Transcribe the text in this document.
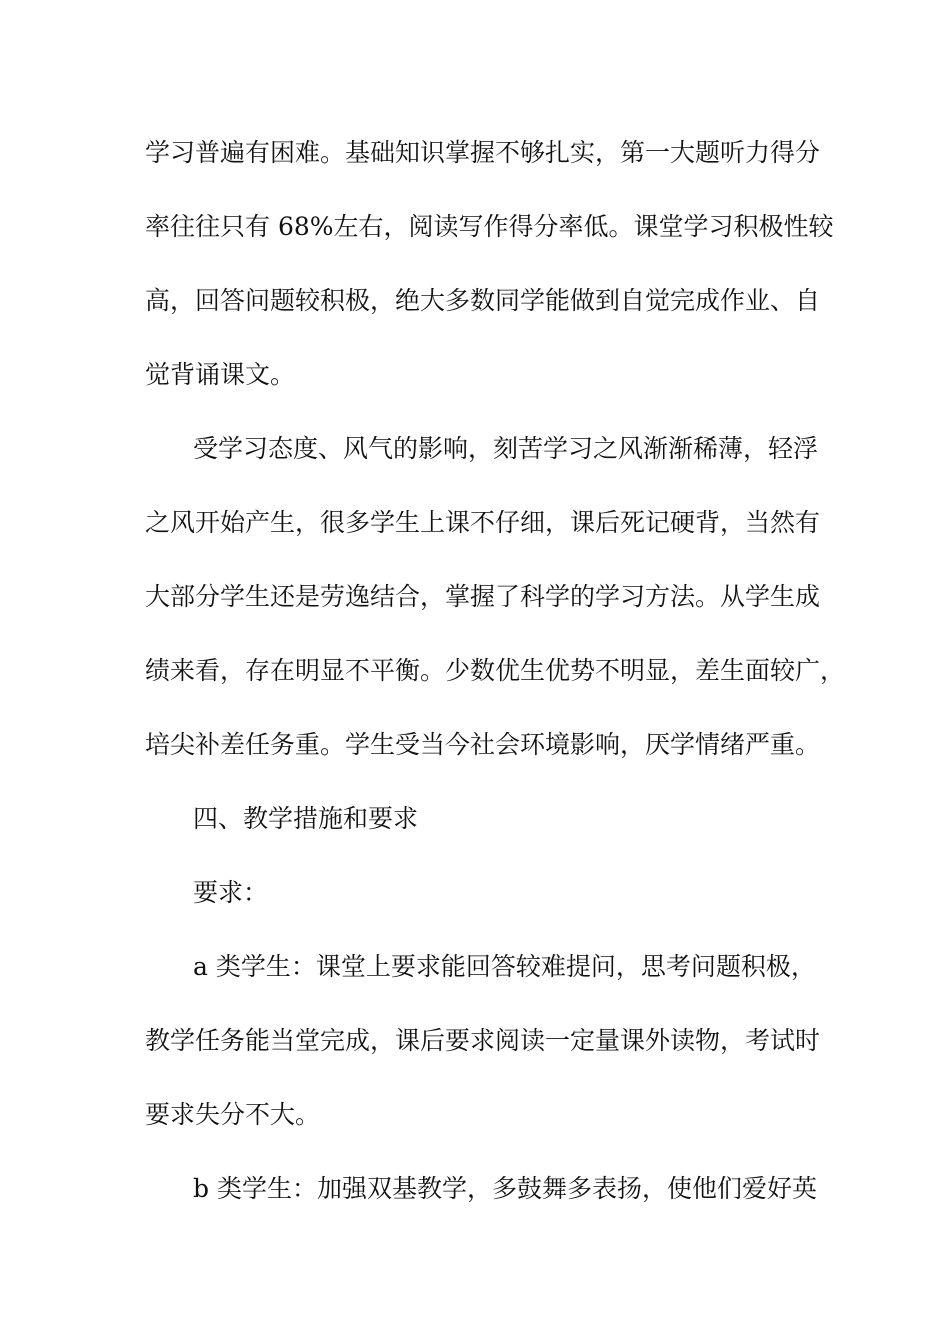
学习普遍有困难。基础知识掌握不够扎实，第一大题听力得分
率往往只有 68%左右，阅读写作得分率低。课堂学习积极性较
高，回答问题较积极，绝大多数同学能做到自觉完成作业、自
觉背诵课文。
受学习态度、风气的影响，刻苦学习之风渐渐稀薄，轻浮
之风开始产生，很多学生上课不仔细，课后死记硬背，当然有
大部分学生还是劳逸结合，掌握了科学的学习方法。从学生成
绩来看，存在明显不平衡。少数优生优势不明显，差生面较广，
培尖补差任务重。学生受当今社会环境影响，厌学情绪严重。
四、教学措施和要求
要求：
a 类学生：课堂上要求能回答较难提问，思考问题积极，
教学任务能当堂完成，课后要求阅读一定量课外读物，考试时
要求失分不大。
b 类学生：加强双基教学，多鼓舞多表扬，使他们爱好英
